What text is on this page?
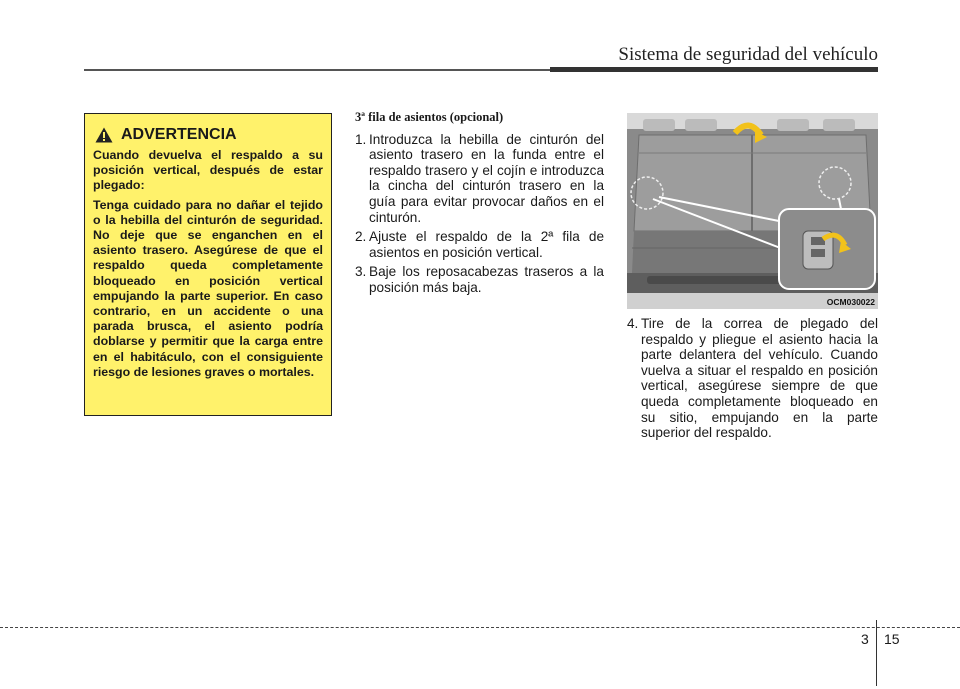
Sistema de seguridad del vehículo
ADVERTENCIA

Cuando devuelva el respaldo a su posición vertical, después de estar plegado:

Tenga cuidado para no dañar el tejido o la hebilla del cinturón de seguridad. No deje que se enganchen en el asiento trasero. Asegúrese de que el respaldo queda completamente bloqueado en posición vertical empujando la parte superior. En caso contrario, en un accidente o una parada brusca, el asiento podría doblarse y permitir que la carga entre en el habitáculo, con el consiguiente riesgo de lesiones graves o mortales.

3ª fila de asientos (opcional)
1. Introduzca la hebilla de cinturón del asiento trasero en la funda entre el respaldo trasero y el cojín e introduzca la cincha del cinturón trasero en la guía para evitar provocar daños en el cinturón.
2. Ajuste el respaldo de la 2ª fila de asientos en posición vertical.
3. Baje los reposacabezas traseros a la posición más baja.
OCM030022
4. Tire de la correa de plegado del respaldo y pliegue el asiento hacia la parte delantera del vehículo. Cuando vuelva a situar el respaldo en posición vertical, asegúrese siempre de que queda completamente bloqueado en su sitio, empujando en la parte superior del respaldo.
3 15
